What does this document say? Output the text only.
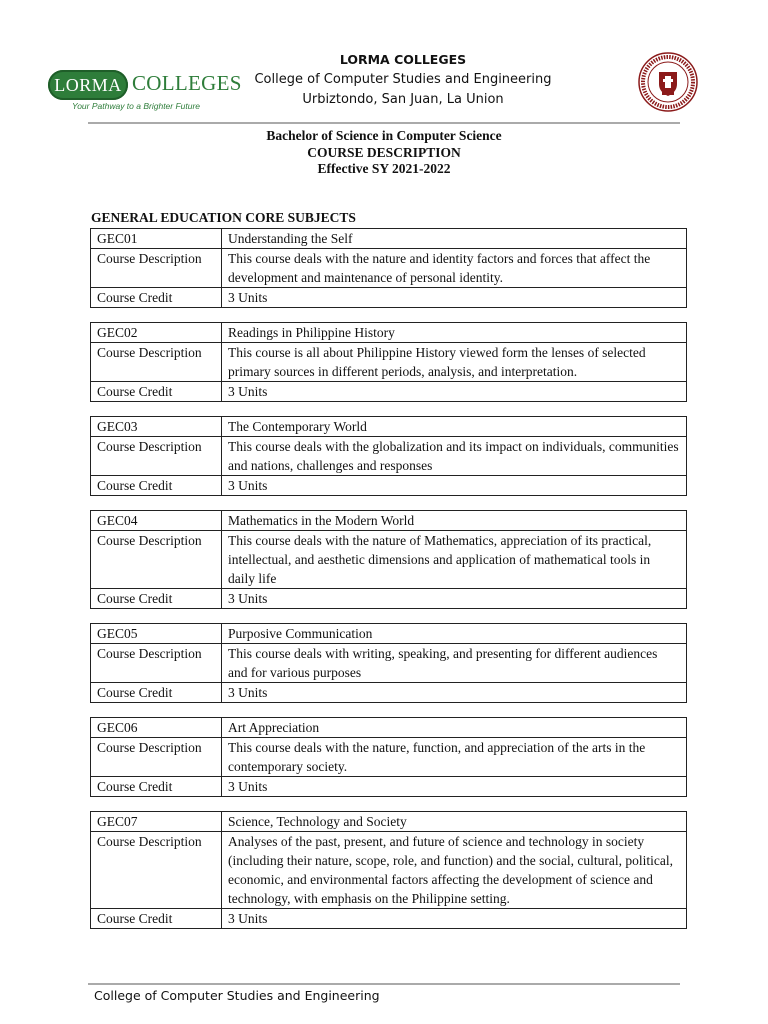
LORMA COLLEGES
Your Pathway to a Brighter Future
LORMA COLLEGES
College of Computer Studies and Engineering
Urbiztondo, San Juan, La Union
Bachelor of Science in Computer Science
COURSE DESCRIPTION
Effective SY 2021-2022
GENERAL EDUCATION CORE SUBJECTS
GEC01	Understanding the Self
Course Description	This course deals with the nature and identity factors and forces that affect the development and maintenance of personal identity.
Course Credit	3 Units
GEC02	Readings in Philippine History
Course Description	This course is all about Philippine History viewed form the lenses of selected primary sources in different periods, analysis, and interpretation.
Course Credit	3 Units
GEC03	The Contemporary World
Course Description	This course deals with the globalization and its impact on individuals, communities and nations, challenges and responses
Course Credit	3 Units
GEC04	Mathematics in the Modern World
Course Description	This course deals with the nature of Mathematics, appreciation of its practical, intellectual, and aesthetic dimensions and application of mathematical tools in daily life
Course Credit	3 Units
GEC05	Purposive Communication
Course Description	This course deals with writing, speaking, and presenting for different audiences and for various purposes
Course Credit	3 Units
GEC06	Art Appreciation
Course Description	This course deals with the nature, function, and appreciation of the arts in the contemporary society.
Course Credit	3 Units
GEC07	Science, Technology and Society
Course Description	Analyses of the past, present, and future of science and technology in society (including their nature, scope, role, and function) and the social, cultural, political, economic, and environmental factors affecting the development of science and technology, with emphasis on the Philippine setting.
Course Credit	3 Units
College of Computer Studies and Engineering
